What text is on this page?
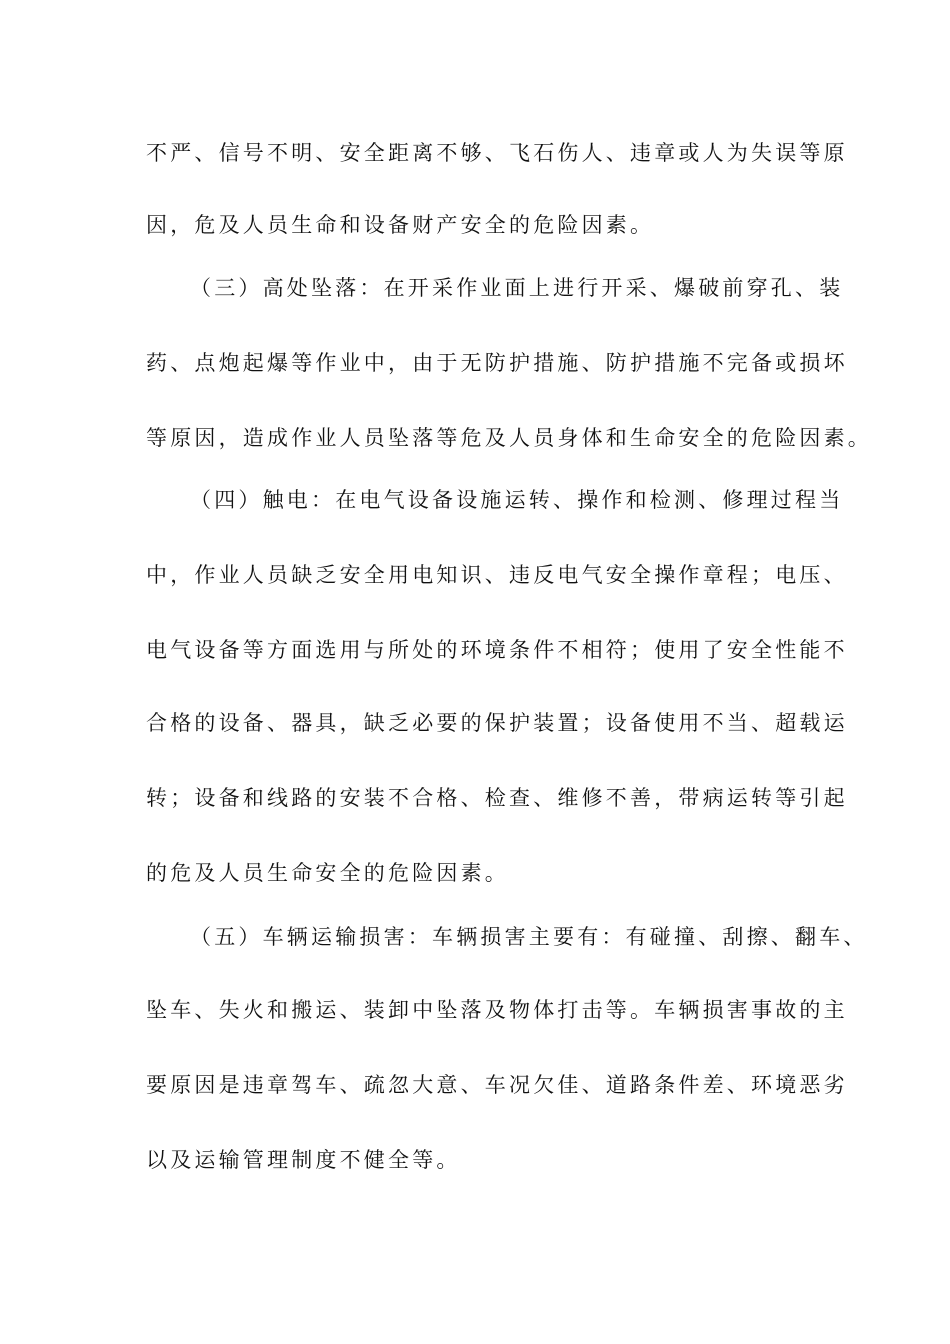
不严、信号不明、安全距离不够、飞石伤人、违章或人为失误等原
因，危及人员生命和设备财产安全的危险因素。
（三）高处坠落：在开采作业面上进行开采、爆破前穿孔、装
药、点炮起爆等作业中，由于无防护措施、防护措施不完备或损坏
等原因，造成作业人员坠落等危及人员身体和生命安全的危险因素。
（四）触电：在电气设备设施运转、操作和检测、修理过程当
中，作业人员缺乏安全用电知识、违反电气安全操作章程；电压、
电气设备等方面选用与所处的环境条件不相符；使用了安全性能不
合格的设备、器具，缺乏必要的保护装置；设备使用不当、超载运
转；设备和线路的安装不合格、检查、维修不善，带病运转等引起
的危及人员生命安全的危险因素。
（五）车辆运输损害：车辆损害主要有：有碰撞、刮擦、翻车、
坠车、失火和搬运、装卸中坠落及物体打击等。车辆损害事故的主
要原因是违章驾车、疏忽大意、车况欠佳、道路条件差、环境恶劣
以及运输管理制度不健全等。
